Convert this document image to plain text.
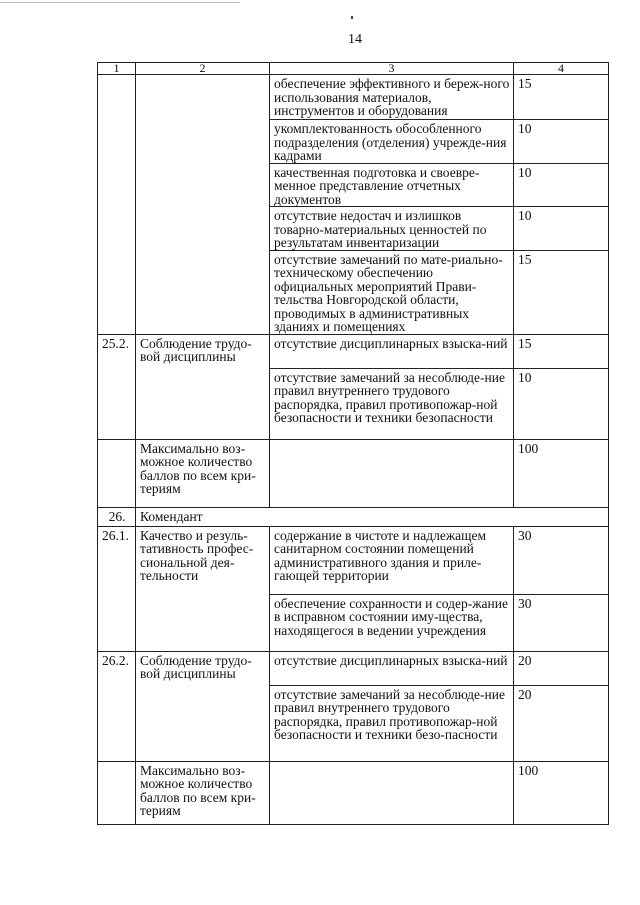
14
1	2	3	4
		обеспечение эффективного и береж-ного использования материалов, инструментов и оборудования	15
		укомплектованность обособленного подразделения (отделения) учрежде-ния кадрами	10
		качественная подготовка и своевре-менное представление отчетных документов	10
		отсутствие недостач и излишков товарно-материальных ценностей по результатам инвентаризации	10
		отсутствие замечаний по мате-риально-техническому обеспечению официальных мероприятий Прави-тельства Новгородской области, проводимых в административных зданиях и помещениях	15
25.2.	Соблюдение трудо-вой дисциплины	отсутствие дисциплинарных взыска-ний	15
		отсутствие замечаний за несоблюде-ние правил внутреннего трудового распорядка, правил противопожар-ной безопасности и техники безопасности	10
	Максимально воз-можное количество баллов по всем кри-териям		100
26.	Комендант		
26.1.	Качество и резуль-тативность профес-сиональной дея-тельности	содержание в чистоте и надлежащем санитарном состоянии помещений административного здания и прилe-гающей территории	30
		обеспечение сохранности и содер-жание в исправном состоянии иму-щества, находящегося в ведении учреждения	30
26.2.	Соблюдение трудо-вой дисциплины	отсутствие дисциплинарных взыска-ний	20
		отсутствие замечаний за несоблюде-ние правил внутреннего трудового распорядка, правил противопожар-ной безопасности и техники безо-пасности	20
	Максимально воз-можное количество баллов по всем кри-териям		100
